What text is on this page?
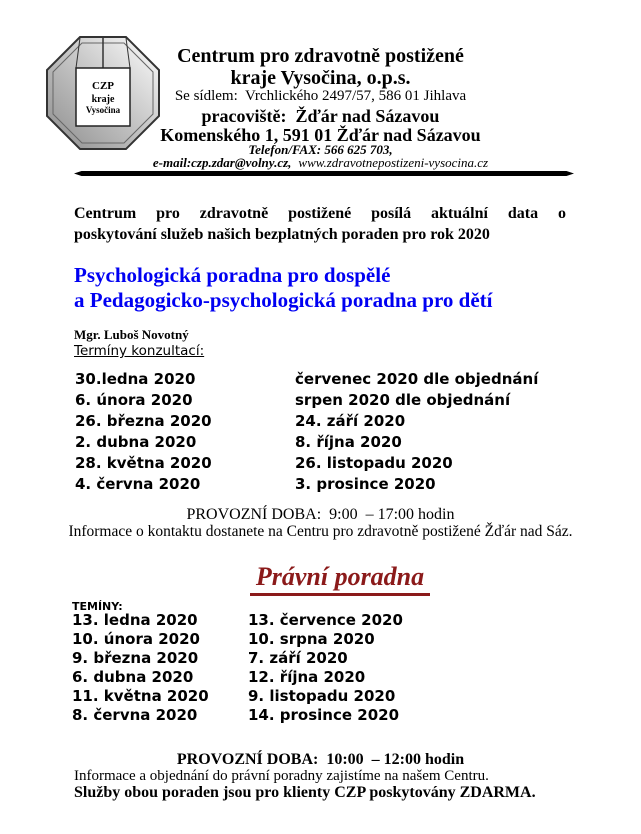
CZP
kraje
Vysočina
Centrum pro zdravotně postižené
kraje Vysočina, o.p.s.
Se sídlem:  Vrchlického 2497/57, 586 01 Jihlava
pracoviště:  Žďár nad Sázavou
Komenského 1, 591 01 Žďár nad Sázavou
Telefon/FAX: 566 625 703,
e-mail:czp.zdar@volny.cz, www.zdravotnepostizeni-vysocina.cz
Centrum pro zdravotně postižené posílá aktuální data o
poskytování služeb našich bezplatných poraden pro rok 2020
Psychologická poradna pro dospělé
a Pedagogicko-psychologická poradna pro dětí
Mgr. Luboš Novotný
Termíny konzultací:
30.ledna 2020
6. února 2020
26. března 2020
2. dubna 2020
28. května 2020
4. června 2020
červenec 2020 dle objednání
srpen 2020 dle objednání
24. září 2020
8. října 2020
26. listopadu 2020
3. prosince 2020
PROVOZNÍ DOBA:  9:00  – 17:00 hodin
Informace o kontaktu dostanete na Centru pro zdravotně postižené Žďár nad Sáz.
Právní poradna
TEMÍNY:
13. ledna 2020
10. února 2020
9. března 2020
6. dubna 2020
11. května 2020
8. června 2020
13. července 2020
10. srpna 2020
7. září 2020
12. října 2020
9. listopadu 2020
14. prosince 2020
PROVOZNÍ DOBA:  10:00  – 12:00 hodin
Informace a objednání do právní poradny zajistíme na našem Centru.
Služby obou poraden jsou pro klienty CZP poskytovány ZDARMA.
